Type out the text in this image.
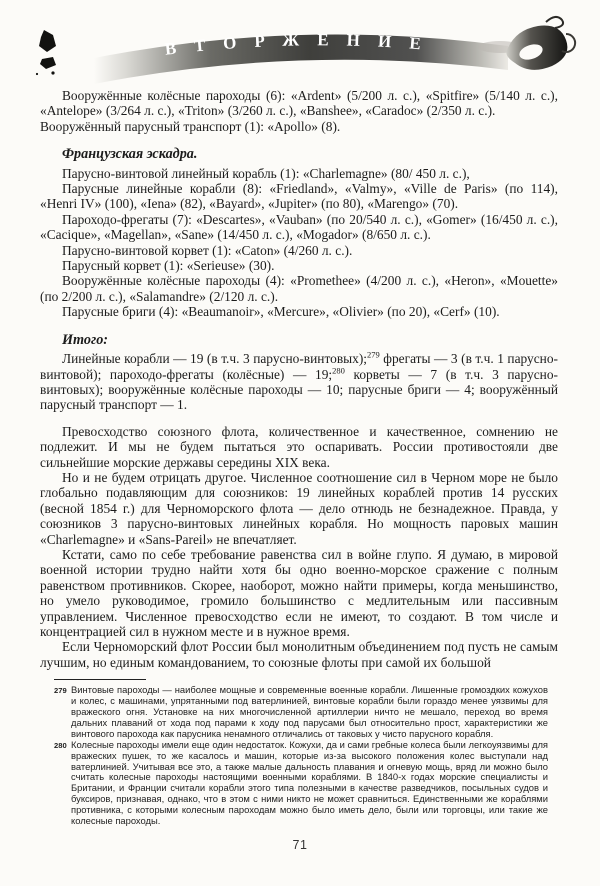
ВТОРЖЕНИЕ

Вооружённые колёсные пароходы (6): «Ardent» (5/200 л. с.), «Spitfire» (5/140 л. с.), «Antelope» (3/264 л. с.), «Triton» (3/260 л. с.), «Banshee», «Caradoc» (2/350 л. с.).

Вооружённый парусный транспорт (1): «Apollo» (8).

Французская эскадра.

Парусно-винтовой линейный корабль (1): «Charlemagne» (80/ 450 л. с.),

Парусные линейные корабли (8): «Friedland», «Valmy», «Ville de Paris» (по 114), «Henri IV» (100), «Iena» (82), «Bayard», «Jupiter» (по 80), «Marengo» (70).

Пароходо-фрегаты (7): «Descartes», «Vauban» (по 20/540 л. с.), «Gomer» (16/450 л. с.), «Cacique», «Magellan», «Sane» (14/450 л. с.), «Mogador» (8/650 л. с.).

Парусно-винтовой корвет (1): «Caton» (4/260 л. с.).

Парусный корвет (1): «Serieuse» (30).

Вооружённые колёсные пароходы (4): «Promethee» (4/200 л. с.), «Heron», «Mouette» (по 2/200 л. с.), «Salamandre» (2/120 л. с.).

Парусные бриги (4): «Beaumanoir», «Mercure», «Olivier» (по 20), «Cerf» (10).

Итого:

Линейные корабли — 19 (в т.ч. 3 парусно-винтовых);$^{279}$ фрегаты — 3 (в т.ч. 1 парусно-винтовой); пароходо-фрегаты (колёсные) — 19;$^{280}$ корветы — 7 (в т.ч. 3 парусно-винтовых); вооружённые колёсные пароходы — 10; парусные бриги — 4; вооружённый парусный транспорт — 1.

Превосходство союзного флота, количественное и качественное, сомнению не подлежит. И мы не будем пытаться это оспаривать. России противостояли две сильнейшие морские державы середины XIX века.

Но и не будем отрицать другое. Численное соотношение сил в Черном море не было глобально подавляющим для союзников: 19 линейных кораблей против 14 русских (весной 1854 г.) для Черноморского флота — дело отнюдь не безнадежное. Правда, у союзников 3 парусно-винтовых линейных корабля. Но мощность паровых машин «Charlemagne» и «Sans-Pareil» не впечатляет.

Кстати, само по себе требование равенства сил в войне глупо. Я думаю, в мировой военной истории трудно найти хотя бы одно военно-морское сражение с полным равенством противников. Скорее, наоборот, можно найти примеры, когда меньшинство, но умело руководимое, громило большинство с медлительным или пассивным управлением. Численное превосходство если не имеют, то создают. В том числе и концентрацией сил в нужном месте и в нужное время.

Если Черноморский флот России был монолитным объединением под пусть не самым лучшим, но единым командованием, то союзные флоты при самой их большой

279 Винтовые пароходы — наиболее мощные и современные военные корабли. Лишенные громоздких кожухов и колес, с машинами, упрятанными под ватерлинией, винтовые корабли были гораздо менее уязвимы для вражеского огня. Установке на них многочисленной артиллерии ничто не мешало, переход во время дальних плаваний от хода под парами к ходу под парусами был относительно прост, характеристики же винтового парохода как парусника ненамного отличались от таковых у чисто парусного корабля.
280 Колесные пароходы имели еще один недостаток. Кожухи, да и сами гребные колеса были легкоуязвимы для вражеских пушек, то же касалось и машин, которые из-за высокого положения колес выступали над ватерлинией. Учитывая все это, а также малые дальность плавания и огневую мощь, вряд ли можно было считать колесные пароходы настоящими военными кораблями. В 1840-х годах морские специалисты и Британии, и Франции считали корабли этого типа полезными в качестве разведчиков, посыльных судов и буксиров, признавая, однако, что в этом с ними никто не может сравниться. Единственными же кораблями противника, с которыми колесным пароходам можно было иметь дело, были или торговцы, или такие же колесные пароходы.
71
